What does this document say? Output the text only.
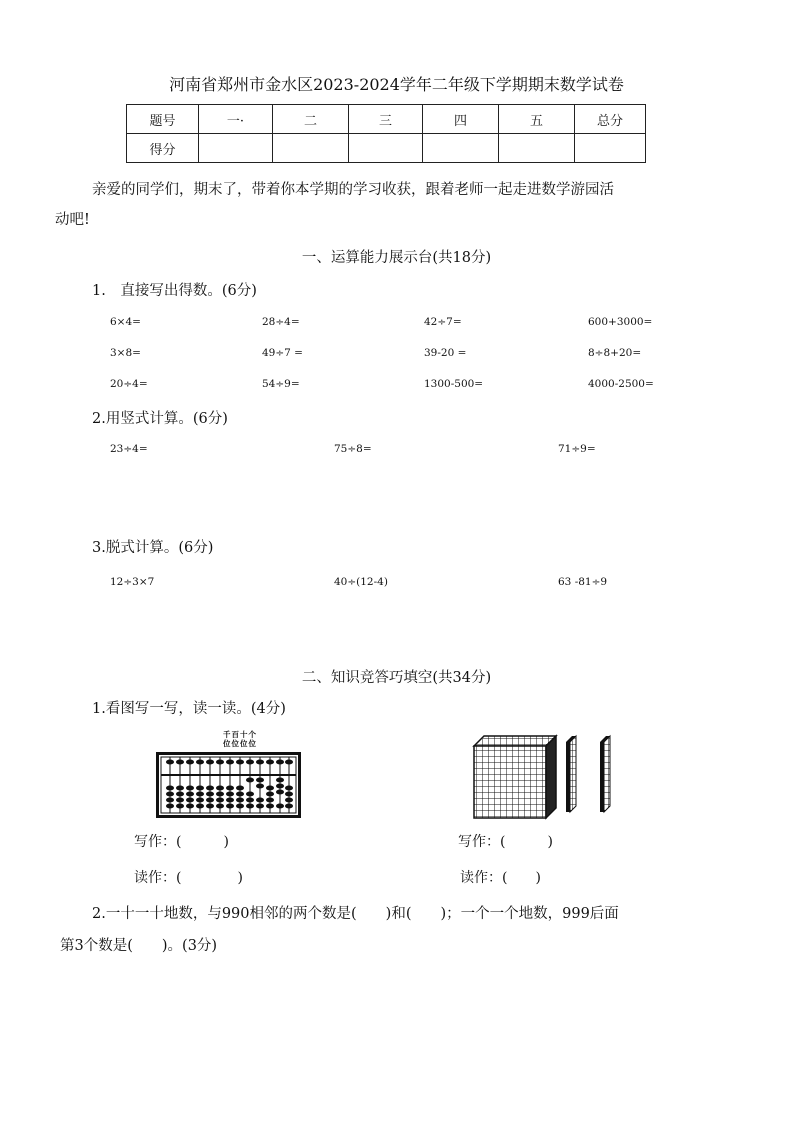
河南省郑州市金水区2023-2024学年二年级下学期期末数学试卷
题号	一·	二	三	四	五	总分
得分						
亲爱的同学们，期末了，带着你本学期的学习收获，跟着老师一起走进数学游园活
动吧!
一、运算能力展示台(共18分)
1.　直接写出得数。(6分)
6×4=	28÷4=	42÷7=	600+3000=
3×8=	49÷7 =	39-20 =	8÷8+20=
20÷4=	54÷9=	1300-500=	4000-2500=
2.用竖式计算。(6分)
23÷4=	75÷8=	71÷9=
3.脱式计算。(6分)
12÷3×7	40÷(12-4)	63 -81÷9
二、知识竞答巧填空(共34分)
1.看图写一写，读一读。(4分)
千百十个
位位位位
写作：(　　　)
读作：(　　　　)
写作：(　　　)
读作：(　　)
2.一十一十地数，与990相邻的两个数是(　　)和(　　)；一个一个地数，999后面
第3个数是(　　)。(3分)
